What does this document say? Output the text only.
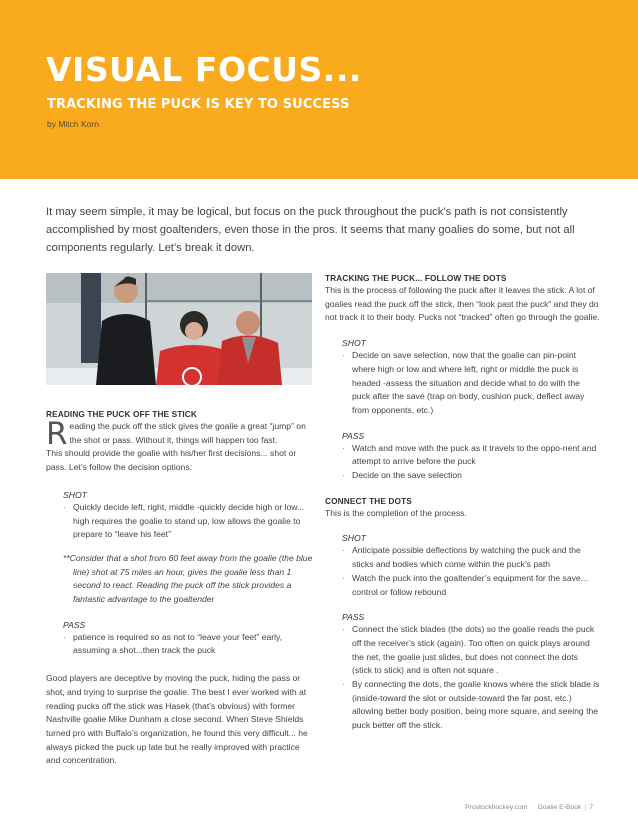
VISUAL FOCUS...
TRACKING THE PUCK IS KEY TO SUCCESS
by Mitch Korn

It may seem simple, it may be logical, but focus on the puck throughout the puck’s path is not consistently accomplished by most goaltenders, even those in the pros. It seems that many goalies do some, but not all components regularly. Let’s break it down.

READING THE PUCK OFF THE STICK
Reading the puck off the stick gives the goalie a great “jump” on the shot or pass. Without it, things will happen too fast.
This should provide the goalie with his/her first decisions... shot or pass. Let’s follow the decision options:
SHOT
· Quickly decide left, right, middle -quickly decide high or low... high requires the goalie to stand up, low allows the goalie to prepare to “leave his feet”
**Consider that a shot from 60 feet away from the goalie (the blue line) shot at 75 miles an hour, gives the goalie less than 1 second to react. Reading the puck off the stick provides a fantastic advantage to the goaltender
PASS
· patience is required so as not to “leave your feet” early, assuming a shot...then track the puck
Good players are deceptive by moving the puck, hiding the pass or shot, and trying to surprise the goalie. The best I ever worked with at reading pucks off the stick was Hasek (that’s obvious) with former Nashville goalie Mike Dunham a close second. When Steve Shields turned pro with Buffalo’s organization, he found this very difficult... he always picked the puck up late but he really improved with practice and concentration.
TRACKING THE PUCK... FOLLOW THE DOTS
This is the process of following the puck after it leaves the stick. A lot of goalies read the puck off the stick, then “look past the puck” and they do not track it to their body. Pucks not “tracked” often go through the goalie.
SHOT
· Decide on save selection, now that the goalie can pin-point where high or low and where left, right or middle the puck is headed -assess the situation and decide what to do with the puck after the save (trap on body, cushion puck, deflect away from opponents, etc.)
PASS
· Watch and move with the puck as it travels to the oppo-nent and attempt to arrive before the puck
· Decide on the save selection
CONNECT THE DOTS
This is the completion of the process.
SHOT
· Anticipate possible deflections by watching the puck and the sticks and bodies which come within the puck’s path
· Watch the puck into the goaltender’s equipment for the save... control or follow rebound
PASS
· Connect the stick blades (the dots) so the goalie reads the puck off the receiver’s stick (again). Too often on quick plays around the net, the goalie just slides, but does not connect the dots (stick to stick) and is often not square .
· By connecting the dots, the goalie knows where the stick blade is (inside-toward the slot or outside-toward the far post, etc.) allowing better body position, being more square, and seeing the puck better off the stick.
Prostockhockey.com · Goalie E-Book | 7
